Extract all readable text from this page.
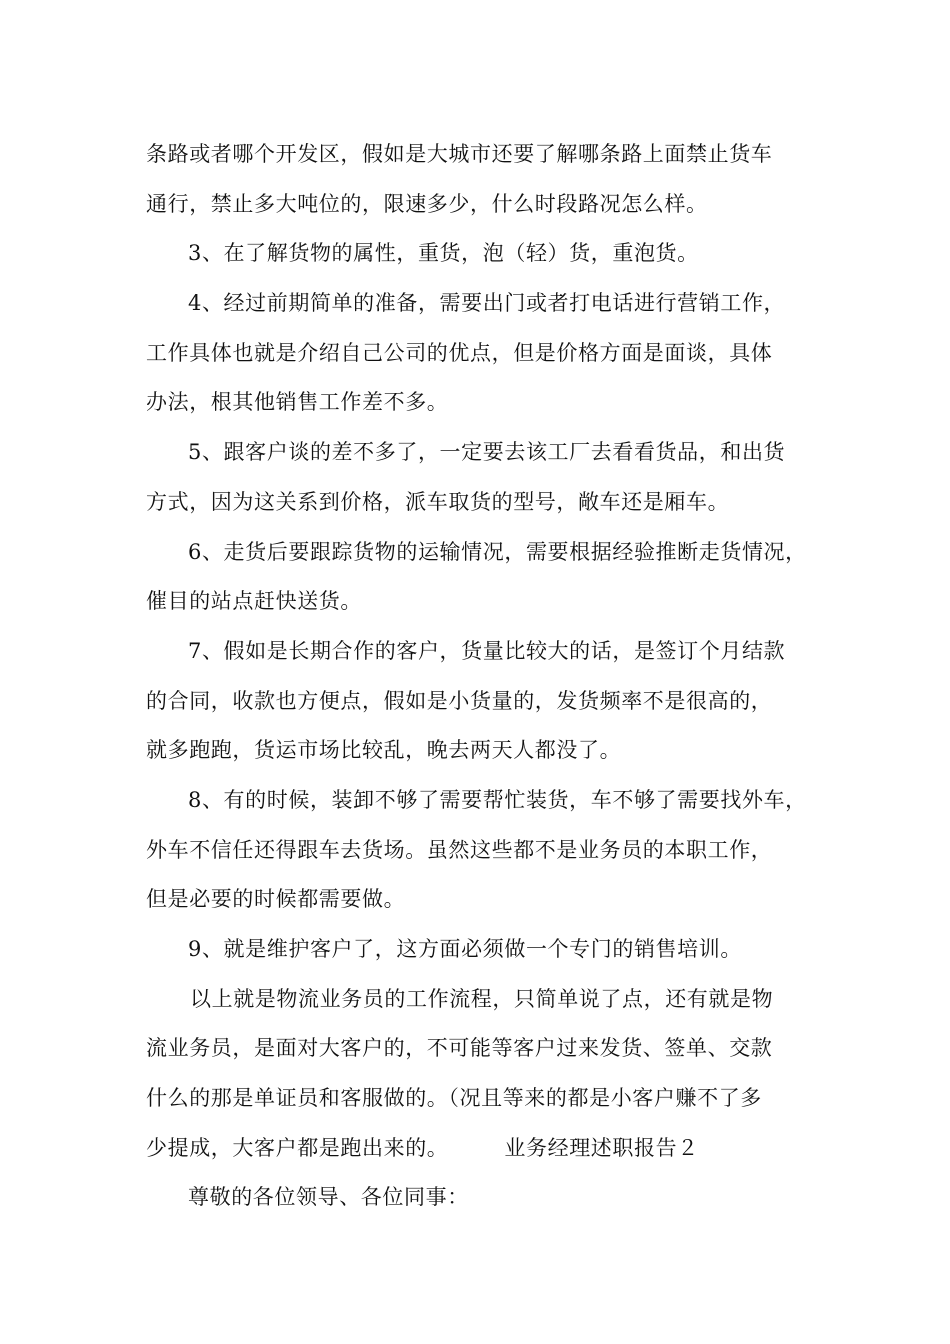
条路或者哪个开发区，假如是大城市还要了解哪条路上面禁止货车
通行，禁止多大吨位的，限速多少，什么时段路况怎么样。
3、在了解货物的属性，重货，泡（轻）货，重泡货。
4、经过前期简单的准备，需要出门或者打电话进行营销工作，
工作具体也就是介绍自己公司的优点，但是价格方面是面谈，具体
办法，根其他销售工作差不多。
5、跟客户谈的差不多了，一定要去该工厂去看看货品，和出货
方式，因为这关系到价格，派车取货的型号，敞车还是厢车。
6、走货后要跟踪货物的运输情况，需要根据经验推断走货情况，
催目的站点赶快送货。
7、假如是长期合作的客户，货量比较大的话，是签订个月结款
的合同，收款也方便点，假如是小货量的，发货频率不是很高的，
就多跑跑，货运市场比较乱，晚去两天人都没了。
8、有的时候，装卸不够了需要帮忙装货，车不够了需要找外车，
外车不信任还得跟车去货场。虽然这些都不是业务员的本职工作，
但是必要的时候都需要做。
9、就是维护客户了，这方面必须做一个专门的销售培训。
以上就是物流业务员的工作流程，只简单说了点，还有就是物
流业务员，是面对大客户的，不可能等客户过来发货、签单、交款
什么的那是单证员和客服做的。（况且等来的都是小客户赚不了多
少提成，大客户都是跑出来的。	业务经理述职报告２
尊敬的各位领导、各位同事：
